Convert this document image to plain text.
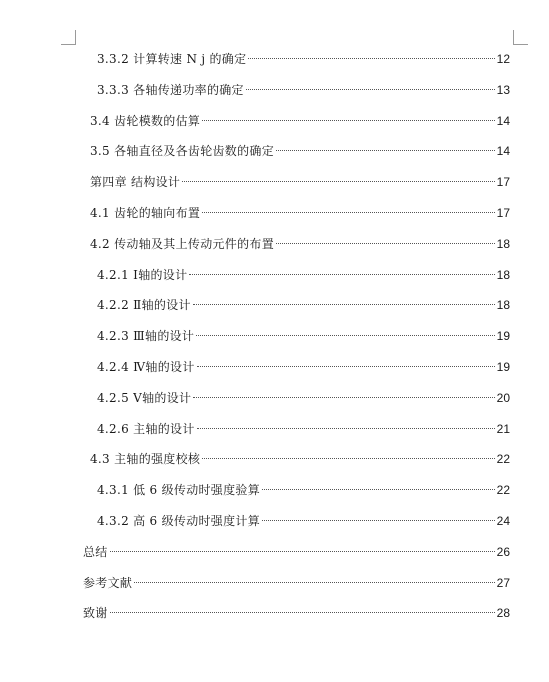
3.3.2 计算转速 N j 的确定	12
3.3.3 各轴传递功率的确定	13
3.4 齿轮模数的估算	14
3.5 各轴直径及各齿轮齿数的确定	14
第四章 结构设计	17
4.1 齿轮的轴向布置	17
4.2 传动轴及其上传动元件的布置	18
4.2.1 Ⅰ轴的设计	18
4.2.2 Ⅱ轴的设计	18
4.2.3 Ⅲ轴的设计	19
4.2.4 Ⅳ轴的设计	19
4.2.5 Ⅴ轴的设计	20
4.2.6 主轴的设计	21
4.3 主轴的强度校核	22
4.3.1 低 6 级传动时强度验算	22
4.3.2 高 6 级传动时强度计算	24
总结	26
参考文献	27
致谢	28
